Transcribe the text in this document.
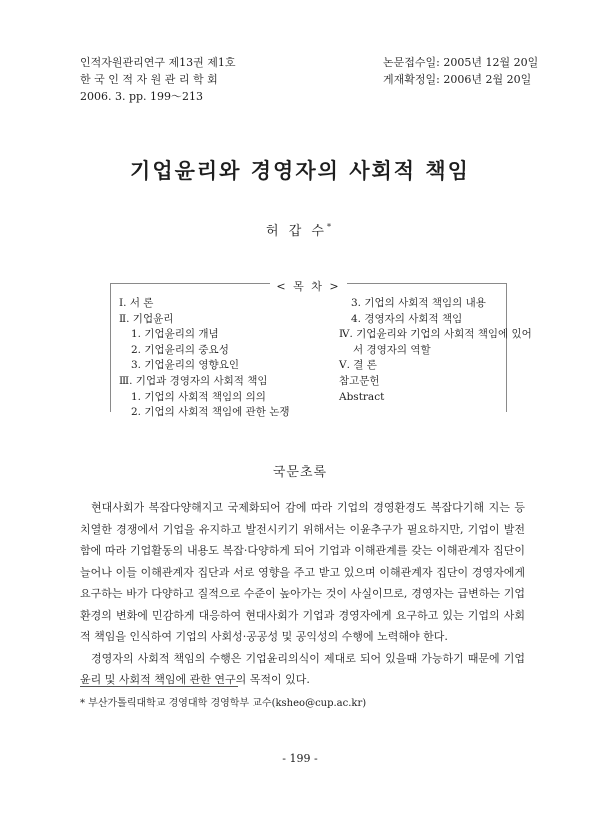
인적자원관리연구 제13권 제1호
한 국 인 적 자 원 관 리 학 회
2006. 3. pp. 199～213
논문접수일: 2005년 12월 20일
게재확정일: 2006년 2월 20일
기업윤리와 경영자의 사회적 책임
허 갑 수*
< 목 차 >
Ⅰ. 서 론
Ⅱ. 기업윤리
1. 기업윤리의 개념
2. 기업윤리의 중요성
3. 기업윤리의 영향요인
Ⅲ. 기업과 경영자의 사회적 책임
1. 기업의 사회적 책임의 의의
2. 기업의 사회적 책임에 관한 논쟁
3. 기업의 사회적 책임의 내용
4. 경영자의 사회적 책임
Ⅳ. 기업윤리와 기업의 사회적 책임에 있어
서 경영자의 역할
Ⅴ. 결 론
참고문헌
Abstract
국문초록

현대사회가 복잡다양해지고 국제화되어 감에 따라 기업의 경영환경도 복잡다기해 지는 등 치열한 경쟁에서 기업을 유지하고 발전시키기 위해서는 이윤추구가 필요하지만, 기업이 발전함에 따라 기업활동의 내용도 복잡·다양하게 되어 기업과 이해관계를 갖는 이해관계자 집단이 늘어나 이들 이해관계자 집단과 서로 영향을 주고 받고 있으며 이해관계자 집단이 경영자에게 요구하는 바가 다양하고 질적으로 수준이 높아가는 것이 사실이므로, 경영자는 급변하는 기업환경의 변화에 민감하게 대응하여 현대사회가 기업과 경영자에게 요구하고 있는 기업의 사회적 책임을 인식하여 기업의 사회성·공공성 및 공익성의 수행에 노력해야 한다.

경영자의 사회적 책임의 수행은 기업윤리의식이 제대로 되어 있을때 가능하기 때문에 기업윤리 및 사회적 책임에 관한 연구의 목적이 있다.

* 부산가톨릭대학교 경영대학 경영학부 교수(ksheo@cup.ac.kr)
- 199 -
